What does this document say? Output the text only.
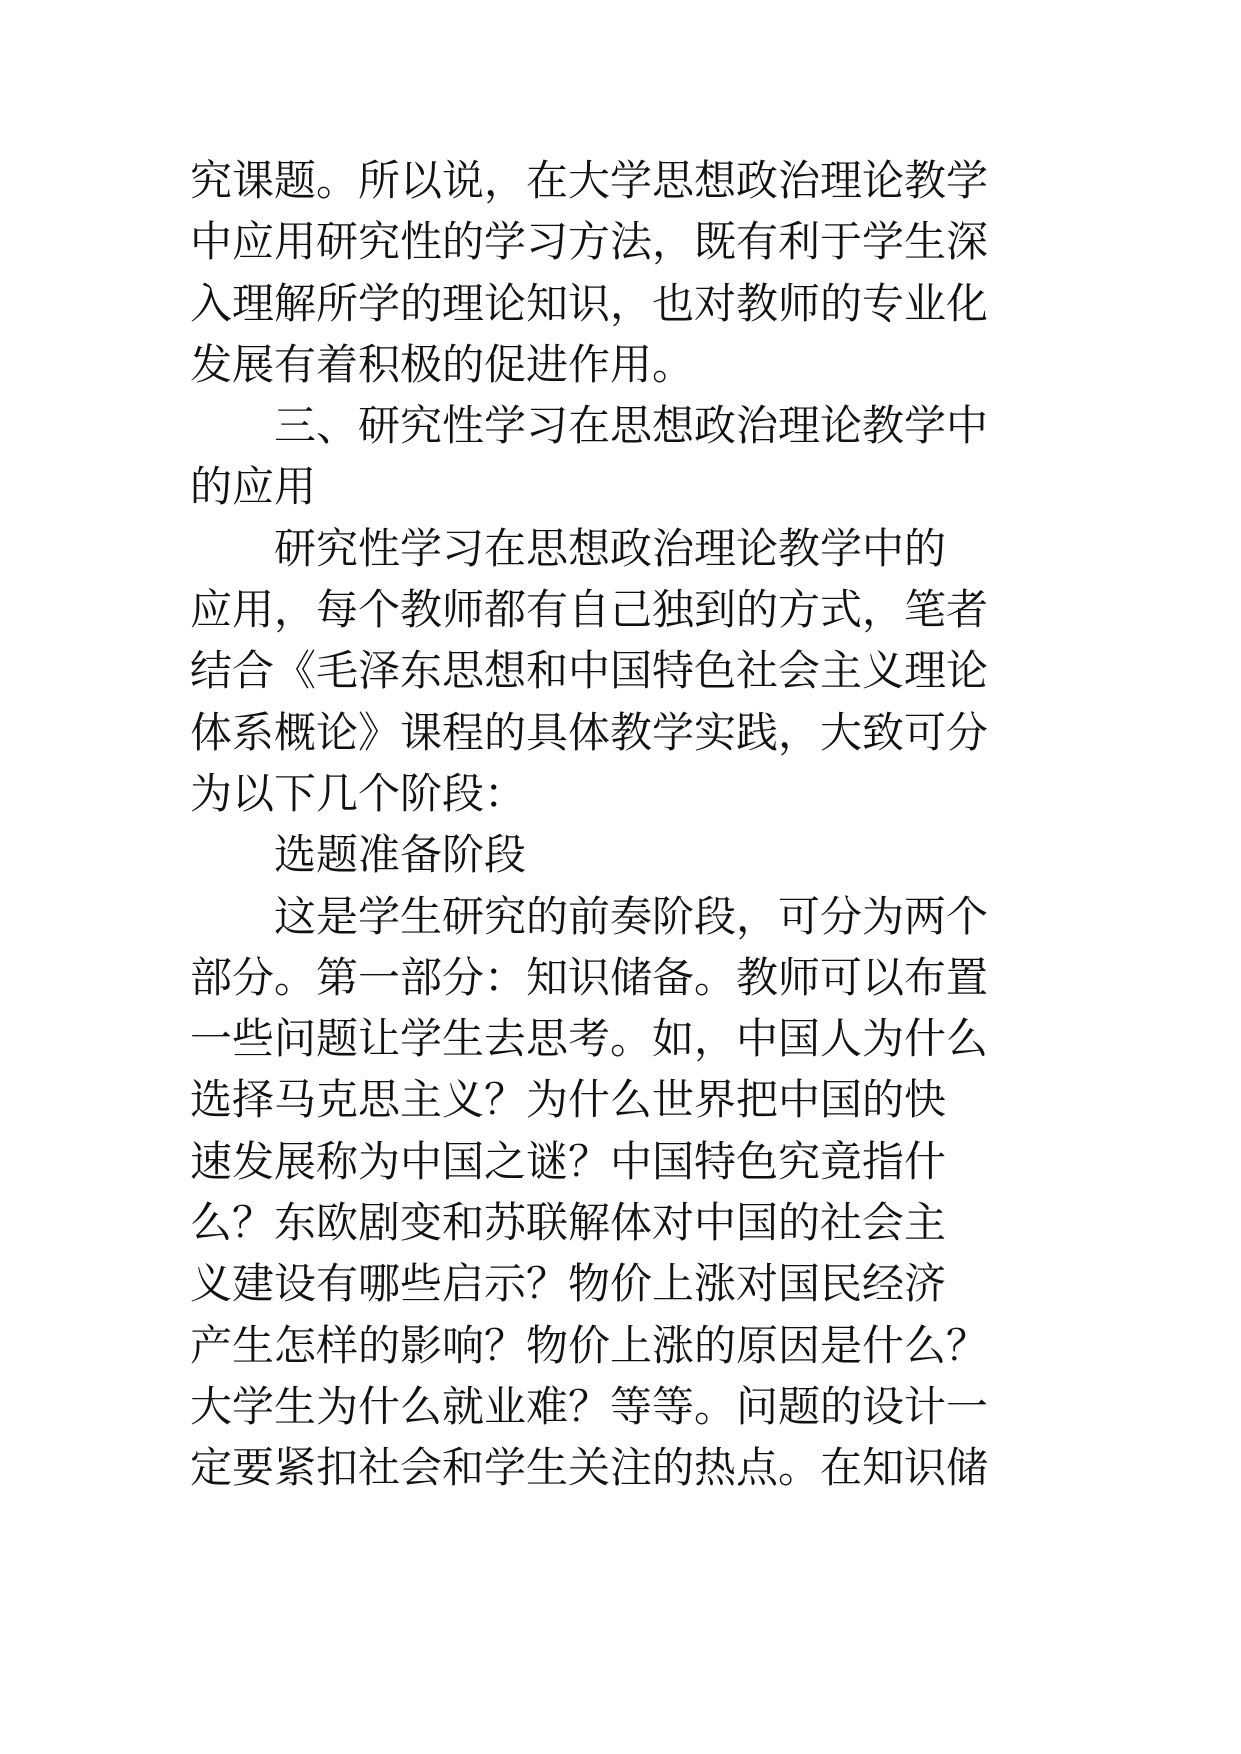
究课题。所以说，在大学思想政治理论教学
中应用研究性的学习方法，既有利于学生深
入理解所学的理论知识，也对教师的专业化
发展有着积极的促进作用。
　　三、研究性学习在思想政治理论教学中
的应用
　　研究性学习在思想政治理论教学中的
应用，每个教师都有自己独到的方式，笔者
结合《毛泽东思想和中国特色社会主义理论
体系概论》课程的具体教学实践，大致可分
为以下几个阶段：
　　选题准备阶段
　　这是学生研究的前奏阶段，可分为两个
部分。第一部分：知识储备。教师可以布置
一些问题让学生去思考。如，中国人为什么
选择马克思主义？为什么世界把中国的快
速发展称为中国之谜？中国特色究竟指什
么？东欧剧变和苏联解体对中国的社会主
义建设有哪些启示？物价上涨对国民经济
产生怎样的影响？物价上涨的原因是什么？
大学生为什么就业难？等等。问题的设计一
定要紧扣社会和学生关注的热点。在知识储
